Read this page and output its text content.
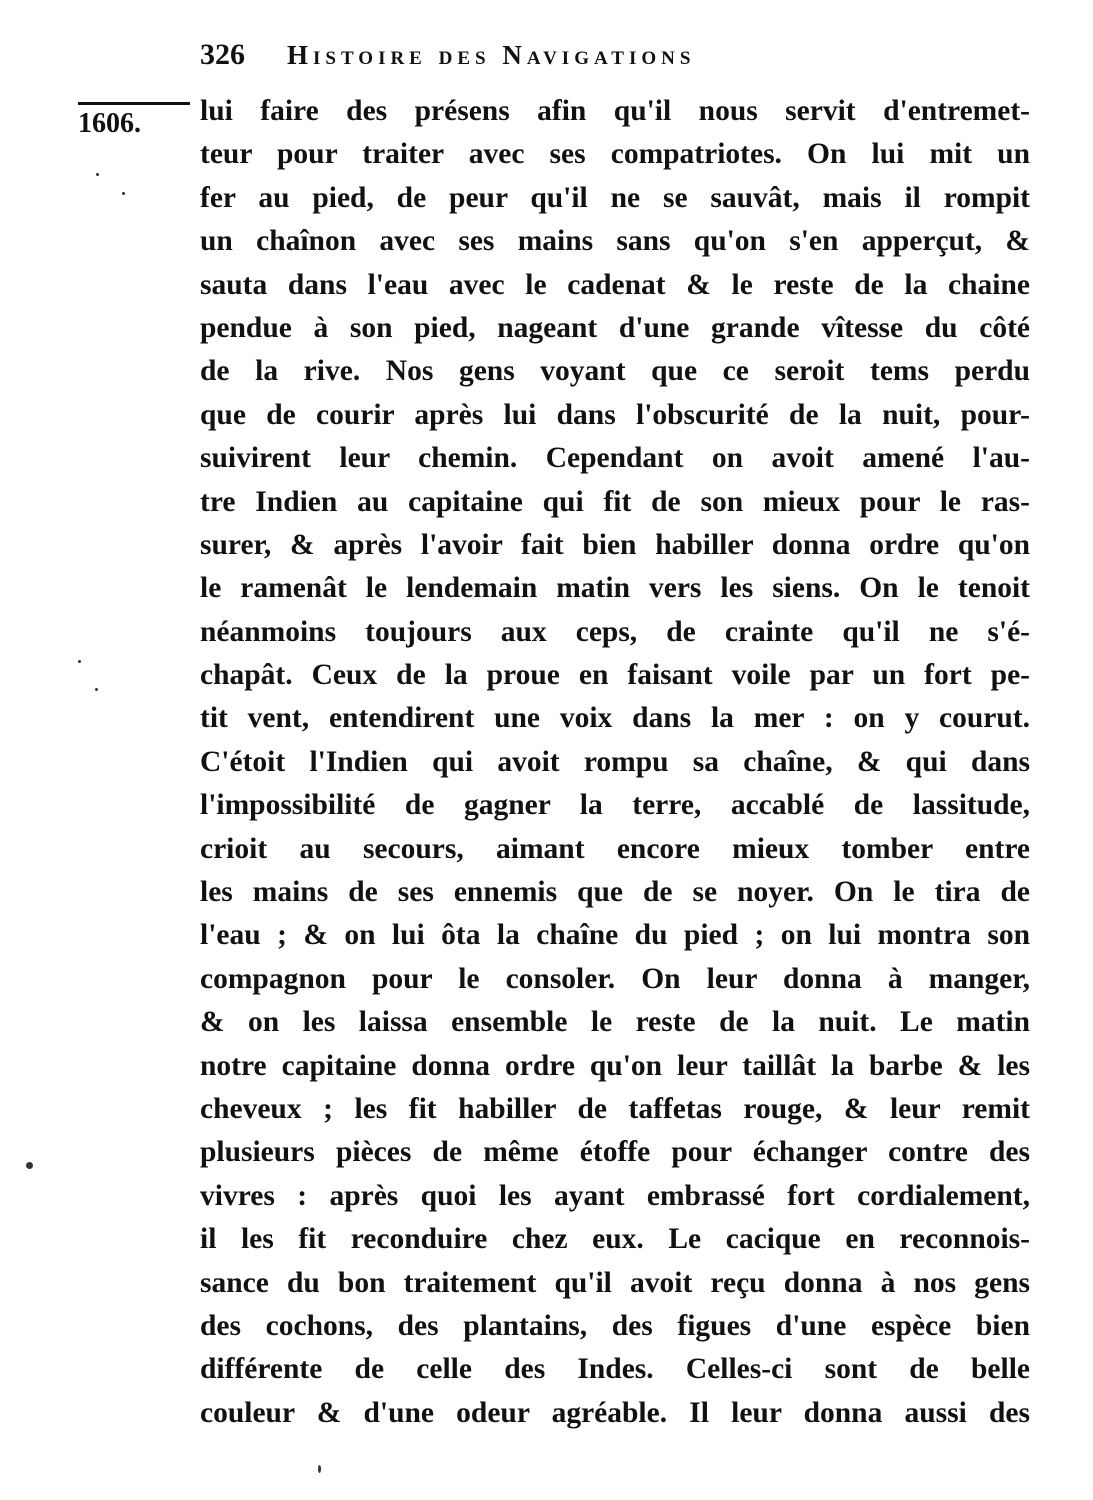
326 Histoire des Navigations
1606. lui faire des présens afin qu'il nous servit d'entremet-
teur pour traiter avec ses compatriotes. On lui mit un
fer au pied, de peur qu'il ne se sauvât, mais il rompit
un chaînon avec ses mains sans qu'on s'en apperçut, &
sauta dans l'eau avec le cadenat & le reste de la chaine
pendue à son pied, nageant d'une grande vîtesse du côté
de la rive. Nos gens voyant que ce seroit tems perdu
que de courir après lui dans l'obscurité de la nuit, pour-
suivirent leur chemin. Cependant on avoit amené l'au-
tre Indien au capitaine qui fit de son mieux pour le ras-
surer, & après l'avoir fait bien habiller donna ordre qu'on
le ramenât le lendemain matin vers les siens. On le tenoit
néanmoins toujours aux ceps, de crainte qu'il ne s'é-
chapât. Ceux de la proue en faisant voile par un fort pe-
tit vent, entendirent une voix dans la mer : on y courut.
C'étoit l'Indien qui avoit rompu sa chaîne, & qui dans
l'impossibilité de gagner la terre, accablé de lassitude,
crioit au secours, aimant encore mieux tomber entre
les mains de ses ennemis que de se noyer. On le tira de
l'eau ; & on lui ôta la chaîne du pied ; on lui montra son
compagnon pour le consoler. On leur donna à manger,
& on les laissa ensemble le reste de la nuit. Le matin
notre capitaine donna ordre qu'on leur taillât la barbe & les
cheveux ; les fit habiller de taffetas rouge, & leur remit
plusieurs pièces de même étoffe pour échanger contre des
vivres : après quoi les ayant embrassé fort cordialement,
il les fit reconduire chez eux. Le cacique en reconnois-
sance du bon traitement qu'il avoit reçu donna à nos gens
des cochons, des plantains, des figues d'une espèce bien
différente de celle des Indes. Celles-ci sont de belle
couleur & d'une odeur agréable. Il leur donna aussi des
